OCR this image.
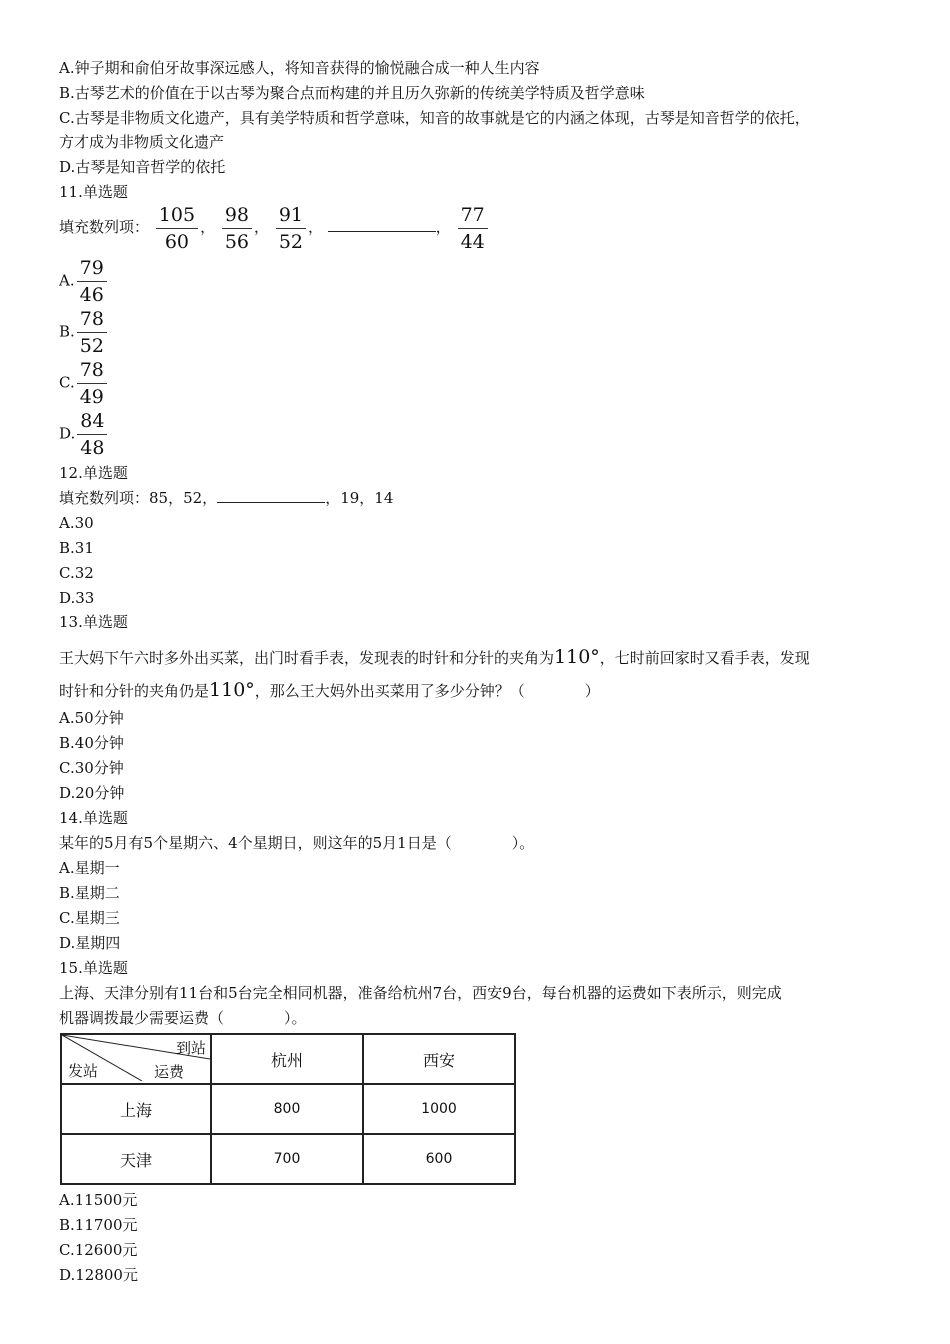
A.钟子期和俞伯牙故事深远感人，将知音获得的愉悦融合成一种人生内容
B.古琴艺术的价值在于以古琴为聚合点而构建的并且历久弥新的传统美学特质及哲学意味
C.古琴是非物质文化遗产，具有美学特质和哲学意味，知音的故事就是它的内涵之体现，古琴是知音哲学的依托，
方才成为非物质文化遗产
D.古琴是知音哲学的依托
11.单选题
填充数列项： $\frac{105}{60}$ ， $\frac{98}{56}$ ， $\frac{91}{52}$ ，	， $\frac{77}{44}$
A. $\frac{79}{46}$
B. $\frac{78}{52}$
C. $\frac{78}{49}$
D. $\frac{84}{48}$
12.单选题
填充数列项：85，52，	，19，14
A.30
B.31
C.32
D.33
13.单选题
王大妈下午六时多外出买菜，出门时看手表，发现表的时针和分针的夹角为110°，七时前回家时又看手表，发现
时针和分针的夹角仍是110°，那么王大妈外出买菜用了多少分钟？（　　　　）
A.50分钟
B.40分钟
C.30分钟
D.20分钟
14.单选题
某年的5月有5个星期六、4个星期日，则这年的5月1日是（　　　　）。
A.星期一
B.星期二
C.星期三
D.星期四
15.单选题
上海、天津分别有11台和5台完全相同机器，准备给杭州7台，西安9台，每台机器的运费如下表所示，则完成
机器调拨最少需要运费（　　　　）。
到站
发站 运费	杭州	西安
上海	800	1000
天津	700	600
A.11500元
B.11700元
C.12600元
D.12800元
